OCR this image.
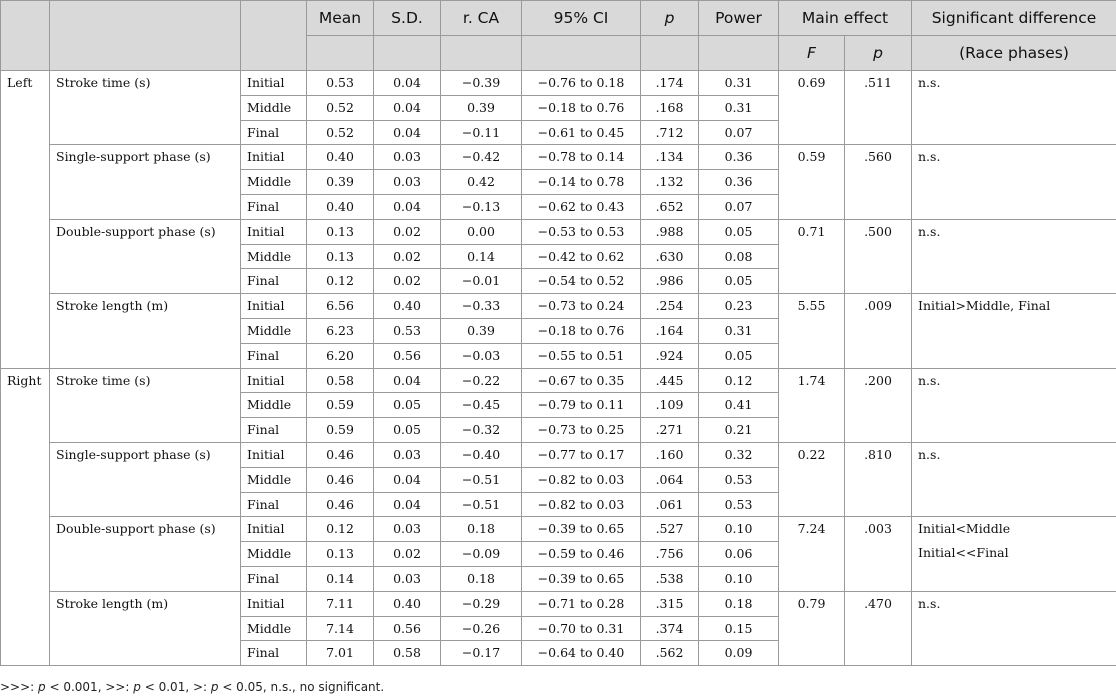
			Mean	S.D.	r. CA	95% CI	p	Power	Main effect		Significant difference
									F	p	(Race phases)
Left	Stroke time (s)	Initial	0.53	0.04	−0.39	−0.76 to 0.18	.174	0.31	0.69	.511	n.s.

		Middle	0.52	0.04	0.39	−0.18 to 0.76	.168	0.31			
		Final	0.52	0.04	−0.11	−0.61 to 0.45	.712	0.07			
	Single-support phase (s)	Initial	0.40	0.03	−0.42	−0.78 to 0.14	.134	0.36	0.59	.560	n.s.

		Middle	0.39	0.03	0.42	−0.14 to 0.78	.132	0.36			
		Final	0.40	0.04	−0.13	−0.62 to 0.43	.652	0.07			
	Double-support phase (s)	Initial	0.13	0.02	0.00	−0.53 to 0.53	.988	0.05	0.71	.500	n.s.

		Middle	0.13	0.02	0.14	−0.42 to 0.62	.630	0.08			
		Final	0.12	0.02	−0.01	−0.54 to 0.52	.986	0.05			
	Stroke length (m)	Initial	6.56	0.40	−0.33	−0.73 to 0.24	.254	0.23	5.55	.009	Initial>Middle, Final

		Middle	6.23	0.53	0.39	−0.18 to 0.76	.164	0.31			
		Final	6.20	0.56	−0.03	−0.55 to 0.51	.924	0.05			
Right	Stroke time (s)	Initial	0.58	0.04	−0.22	−0.67 to 0.35	.445	0.12	1.74	.200	n.s.

		Middle	0.59	0.05	−0.45	−0.79 to 0.11	.109	0.41			
		Final	0.59	0.05	−0.32	−0.73 to 0.25	.271	0.21			
	Single-support phase (s)	Initial	0.46	0.03	−0.40	−0.77 to 0.17	.160	0.32	0.22	.810	n.s.

		Middle	0.46	0.04	−0.51	−0.82 to 0.03	.064	0.53			
		Final	0.46	0.04	−0.51	−0.82 to 0.03	.061	0.53			
	Double-support phase (s)	Initial	0.12	0.03	0.18	−0.39 to 0.65	.527	0.10	7.24	.003	Initial<Middle
Initial<<Final

		Middle	0.13	0.02	−0.09	−0.59 to 0.46	.756	0.06			
		Final	0.14	0.03	0.18	−0.39 to 0.65	.538	0.10			
	Stroke length (m)	Initial	7.11	0.40	−0.29	−0.71 to 0.28	.315	0.18	0.79	.470	n.s.

		Middle	7.14	0.56	−0.26	−0.70 to 0.31	.374	0.15			
		Final	7.01	0.58	−0.17	−0.64 to 0.40	.562	0.09			
>>>: p < 0.001, >>: p < 0.01, >: p < 0.05, n.s., no significant.
